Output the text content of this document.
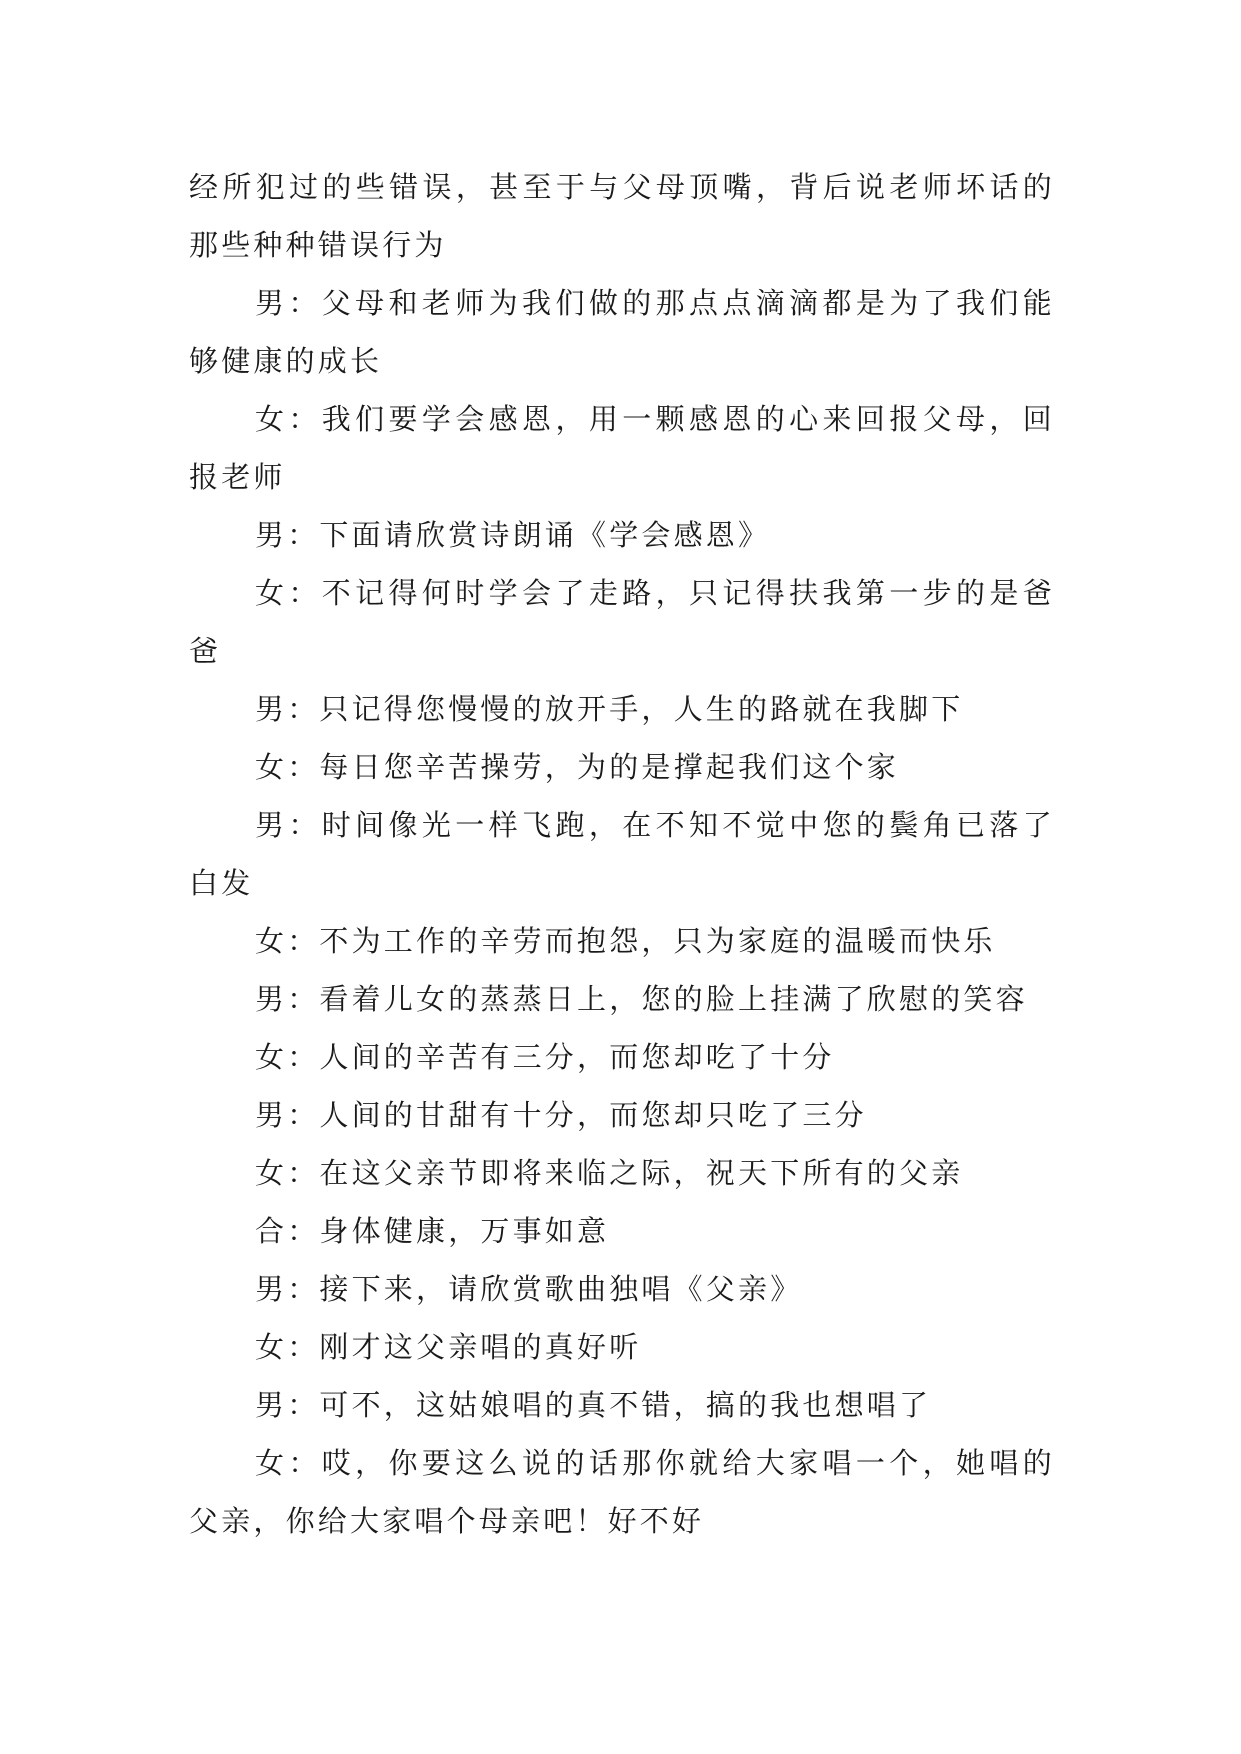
经所犯过的些错误，甚至于与父母顶嘴，背后说老师坏话的那些种种错误行为

男：父母和老师为我们做的那点点滴滴都是为了我们能够健康的成长

女：我们要学会感恩，用一颗感恩的心来回报父母，回报老师

男：下面请欣赏诗朗诵《学会感恩》

女：不记得何时学会了走路，只记得扶我第一步的是爸爸

男：只记得您慢慢的放开手，人生的路就在我脚下

女：每日您辛苦操劳，为的是撑起我们这个家

男：时间像光一样飞跑，在不知不觉中您的鬓角已落了白发

女：不为工作的辛劳而抱怨，只为家庭的温暖而快乐

男：看着儿女的蒸蒸日上，您的脸上挂满了欣慰的笑容

女：人间的辛苦有三分，而您却吃了十分

男：人间的甘甜有十分，而您却只吃了三分

女：在这父亲节即将来临之际，祝天下所有的父亲

合：身体健康，万事如意

男：接下来，请欣赏歌曲独唱《父亲》

女：刚才这父亲唱的真好听

男：可不，这姑娘唱的真不错，搞的我也想唱了

女：哎，你要这么说的话那你就给大家唱一个，她唱的父亲，你给大家唱个母亲吧！好不好
